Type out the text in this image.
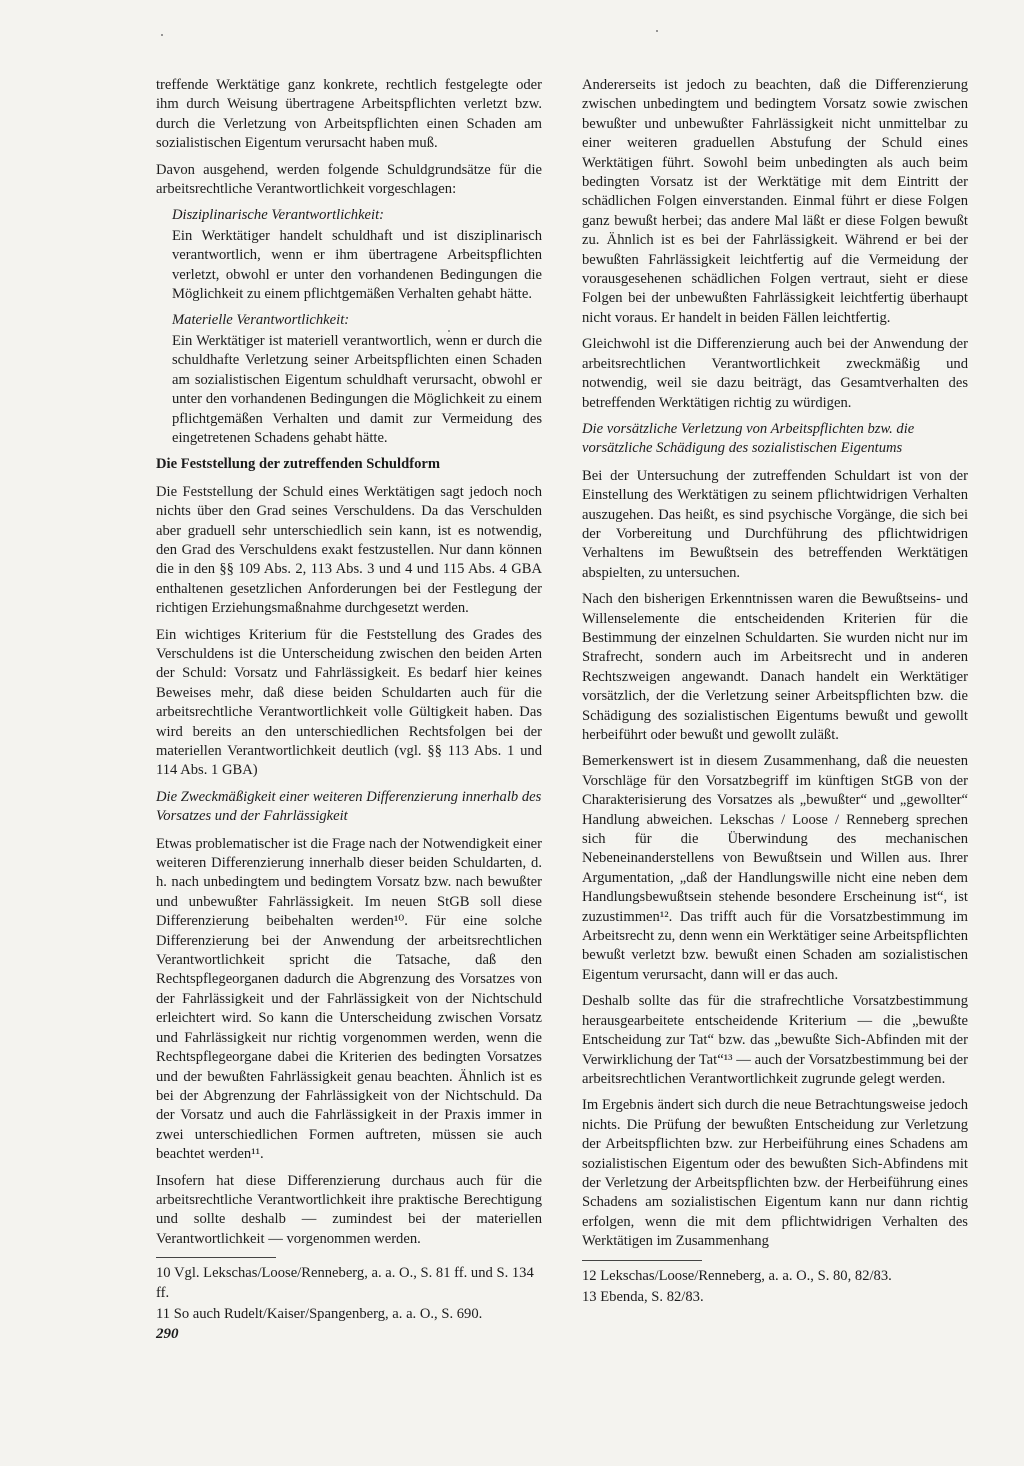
treffende Werktätige ganz konkrete, rechtlich festgelegte oder ihm durch Weisung übertragene Arbeitspflichten verletzt bzw. durch die Verletzung von Arbeitspflichten einen Schaden am sozialistischen Eigentum verursacht haben muß.

Davon ausgehend, werden folgende Schuldgrundsätze für die arbeitsrechtliche Verantwortlichkeit vorgeschlagen:

Disziplinarische Verantwortlichkeit:

Ein Werktätiger handelt schuldhaft und ist disziplinarisch verantwortlich, wenn er ihm übertragene Arbeitspflichten verletzt, obwohl er unter den vorhandenen Bedingungen die Möglichkeit zu einem pflichtgemäßen Verhalten gehabt hätte.

Materielle Verantwortlichkeit:

Ein Werktätiger ist materiell verantwortlich, wenn er durch die schuldhafte Verletzung seiner Arbeitspflichten einen Schaden am sozialistischen Eigentum schuldhaft verursacht, obwohl er unter den vorhandenen Bedingungen die Möglichkeit zu einem pflichtgemäßen Verhalten und damit zur Vermeidung des eingetretenen Schadens gehabt hätte.

Die Feststellung der zutreffenden Schuldform

Die Feststellung der Schuld eines Werktätigen sagt jedoch noch nichts über den Grad seines Verschuldens. Da das Verschulden aber graduell sehr unterschiedlich sein kann, ist es notwendig, den Grad des Verschuldens exakt festzustellen. Nur dann können die in den §§ 109 Abs. 2, 113 Abs. 3 und 4 und 115 Abs. 4 GBA enthaltenen gesetzlichen Anforderungen bei der Festlegung der richtigen Erziehungsmaßnahme durchgesetzt werden.

Ein wichtiges Kriterium für die Feststellung des Grades des Verschuldens ist die Unterscheidung zwischen den beiden Arten der Schuld: Vorsatz und Fahrlässigkeit. Es bedarf hier keines Beweises mehr, daß diese beiden Schuldarten auch für die arbeitsrechtliche Verantwortlichkeit volle Gültigkeit haben. Das wird bereits an den unterschiedlichen Rechtsfolgen bei der materiellen Verantwortlichkeit deutlich (vgl. §§ 113 Abs. 1 und 114 Abs. 1 GBA)

Die Zweckmäßigkeit einer weiteren Differenzierung innerhalb des Vorsatzes und der Fahrlässigkeit

Etwas problematischer ist die Frage nach der Notwendigkeit einer weiteren Differenzierung innerhalb dieser beiden Schuldarten, d. h. nach unbedingtem und bedingtem Vorsatz bzw. nach bewußter und unbewußter Fahrlässigkeit. Im neuen StGB soll diese Differenzierung beibehalten werden¹⁰. Für eine solche Differenzierung bei der Anwendung der arbeitsrechtlichen Verantwortlichkeit spricht die Tatsache, daß den Rechtspflegeorganen dadurch die Abgrenzung des Vorsatzes von der Fahrlässigkeit und der Fahrlässigkeit von der Nichtschuld erleichtert wird. So kann die Unterscheidung zwischen Vorsatz und Fahrlässigkeit nur richtig vorgenommen werden, wenn die Rechtspflegeorgane dabei die Kriterien des bedingten Vorsatzes und der bewußten Fahrlässigkeit genau beachten. Ähnlich ist es bei der Abgrenzung der Fahrlässigkeit von der Nichtschuld. Da der Vorsatz und auch die Fahrlässigkeit in der Praxis immer in zwei unterschiedlichen Formen auftreten, müssen sie auch beachtet werden¹¹.

Insofern hat diese Differenzierung durchaus auch für die arbeitsrechtliche Verantwortlichkeit ihre praktische Berechtigung und sollte deshalb — zumindest bei der materiellen Verantwortlichkeit — vorgenommen werden.

10 Vgl. Lekschas/Loose/Renneberg, a. a. O., S. 81 ff. und S. 134 ff.

11 So auch Rudelt/Kaiser/Spangenberg, a. a. O., S. 690.

Andererseits ist jedoch zu beachten, daß die Differenzierung zwischen unbedingtem und bedingtem Vorsatz sowie zwischen bewußter und unbewußter Fahrlässigkeit nicht unmittelbar zu einer weiteren graduellen Abstufung der Schuld eines Werktätigen führt. Sowohl beim unbedingten als auch beim bedingten Vorsatz ist der Werktätige mit dem Eintritt der schädlichen Folgen einverstanden. Einmal führt er diese Folgen ganz bewußt herbei; das andere Mal läßt er diese Folgen bewußt zu. Ähnlich ist es bei der Fahrlässigkeit. Während er bei der bewußten Fahrlässigkeit leichtfertig auf die Vermeidung der vorausgesehenen schädlichen Folgen vertraut, sieht er diese Folgen bei der unbewußten Fahrlässigkeit leichtfertig überhaupt nicht voraus. Er handelt in beiden Fällen leichtfertig.

Gleichwohl ist die Differenzierung auch bei der Anwendung der arbeitsrechtlichen Verantwortlichkeit zweckmäßig und notwendig, weil sie dazu beiträgt, das Gesamtverhalten des betreffenden Werktätigen richtig zu würdigen.

Die vorsätzliche Verletzung von Arbeitspflichten bzw. die vorsätzliche Schädigung des sozialistischen Eigentums

Bei der Untersuchung der zutreffenden Schuldart ist von der Einstellung des Werktätigen zu seinem pflichtwidrigen Verhalten auszugehen. Das heißt, es sind psychische Vorgänge, die sich bei der Vorbereitung und Durchführung des pflichtwidrigen Verhaltens im Bewußtsein des betreffenden Werktätigen abspielten, zu untersuchen.

Nach den bisherigen Erkenntnissen waren die Bewußtseins- und Willenselemente die entscheidenden Kriterien für die Bestimmung der einzelnen Schuldarten. Sie wurden nicht nur im Strafrecht, sondern auch im Arbeitsrecht und in anderen Rechtszweigen angewandt. Danach handelt ein Werktätiger vorsätzlich, der die Verletzung seiner Arbeitspflichten bzw. die Schädigung des sozialistischen Eigentums bewußt und gewollt herbeiführt oder bewußt und gewollt zuläßt.

Bemerkenswert ist in diesem Zusammenhang, daß die neuesten Vorschläge für den Vorsatzbegriff im künftigen StGB von der Charakterisierung des Vorsatzes als „bewußter“ und „gewollter“ Handlung abweichen. Lekschas / Loose / Renneberg sprechen sich für die Überwindung des mechanischen Nebeneinanderstellens von Bewußtsein und Willen aus. Ihrer Argumentation, „daß der Handlungswille nicht eine neben dem Handlungsbewußtsein stehende besondere Erscheinung ist“, ist zuzustimmen¹². Das trifft auch für die Vorsatzbestimmung im Arbeitsrecht zu, denn wenn ein Werktätiger seine Arbeitspflichten bewußt verletzt bzw. bewußt einen Schaden am sozialistischen Eigentum verursacht, dann will er das auch.

Deshalb sollte das für die strafrechtliche Vorsatzbestimmung herausgearbeitete entscheidende Kriterium — die „bewußte Entscheidung zur Tat“ bzw. das „bewußte Sich-Abfinden mit der Verwirklichung der Tat“¹³ — auch der Vorsatzbestimmung bei der arbeitsrechtlichen Verantwortlichkeit zugrunde gelegt werden.

Im Ergebnis ändert sich durch die neue Betrachtungsweise jedoch nichts. Die Prüfung der bewußten Entscheidung zur Verletzung der Arbeitspflichten bzw. zur Herbeiführung eines Schadens am sozialistischen Eigentum oder des bewußten Sich-Abfindens mit der Verletzung der Arbeitspflichten bzw. der Herbeiführung eines Schadens am sozialistischen Eigentum kann nur dann richtig erfolgen, wenn die mit dem pflichtwidrigen Verhalten des Werktätigen im Zusammenhang

12 Lekschas/Loose/Renneberg, a. a. O., S. 80, 82/83.

13 Ebenda, S. 82/83.

290
